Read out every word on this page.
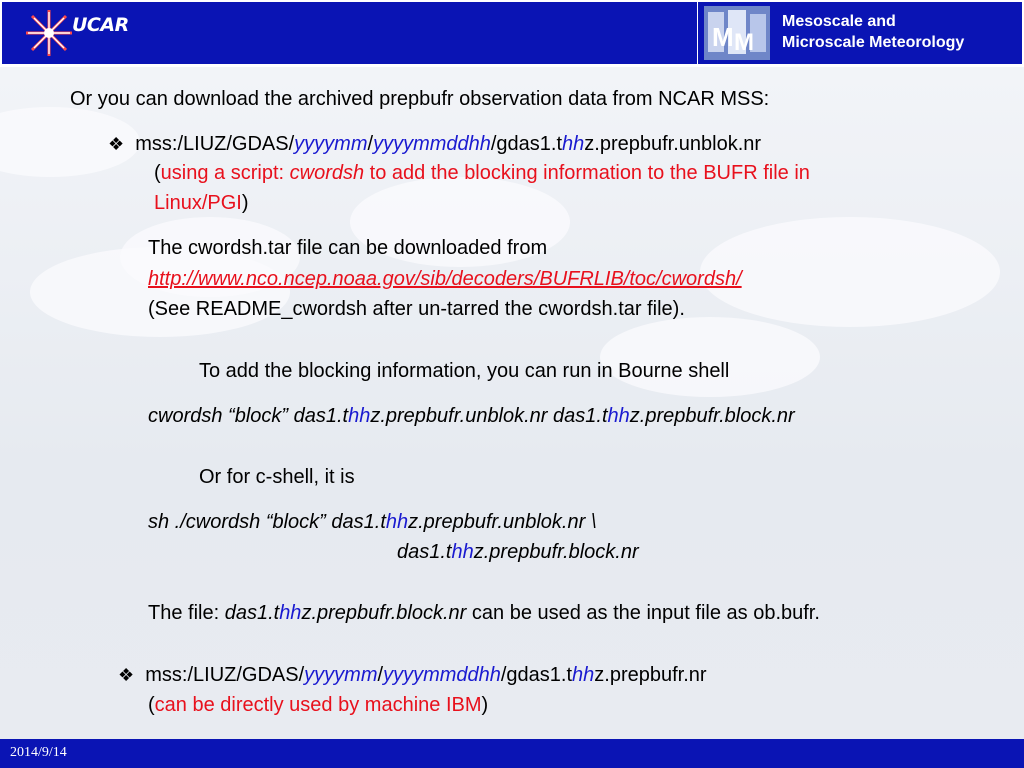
UCAR	M M
Mesoscale and
Microscale Meteorology
Or you can download the archived prepbufr observation data from NCAR MSS:
❖ mss:/LIUZ/GDAS/yyyymm/yyyymmddhh/gdas1.thhz.prepbufr.unblok.nr
(using a script: cwordsh to add the blocking information to the BUFR file in
Linux/PGI)
The cwordsh.tar file can be downloaded from
http://www.nco.ncep.noaa.gov/sib/decoders/BUFRLIB/toc/cwordsh/
(See README_cwordsh after un-tarred the cwordsh.tar file).
To add the blocking information, you can run in Bourne shell
cwordsh “block” das1.thhz.prepbufr.unblok.nr das1.thhz.prepbufr.block.nr
Or for c-shell, it is
sh ./cwordsh “block” das1.thhz.prepbufr.unblok.nr \
das1.thhz.prepbufr.block.nr
The file: das1.thhz.prepbufr.block.nr can be used as the input file as ob.bufr.
❖ mss:/LIUZ/GDAS/yyyymm/yyyymmddhh/gdas1.thhz.prepbufr.nr
(can be directly used by machine IBM)
2014/9/14
